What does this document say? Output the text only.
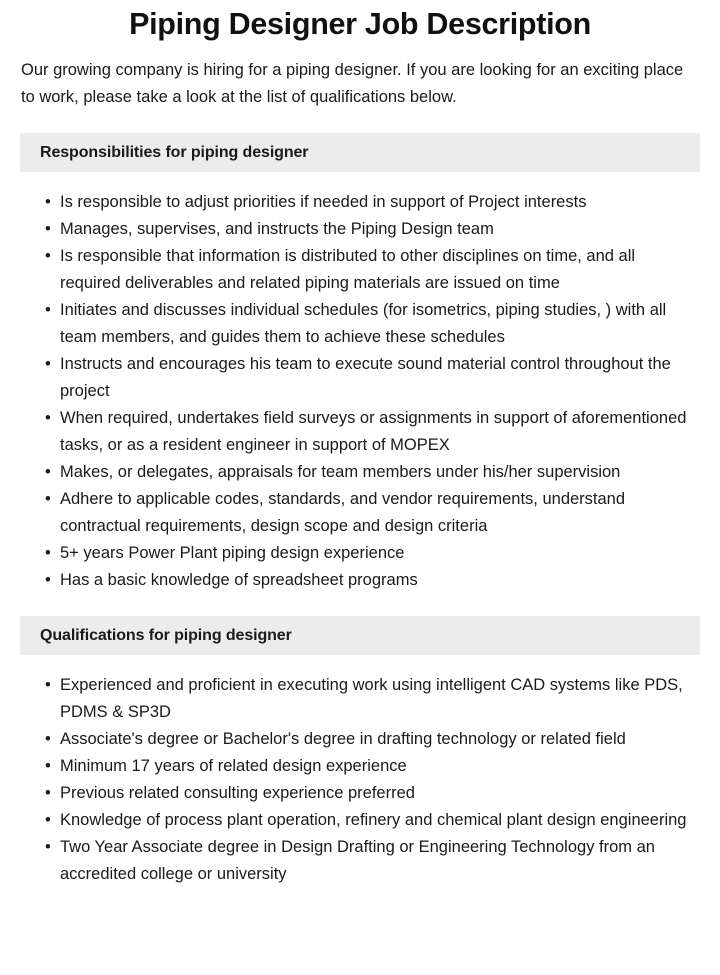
Piping Designer Job Description

Our growing company is hiring for a piping designer. If you are looking for an exciting place to work, please take a look at the list of qualifications below.

Responsibilities for piping designer
• Is responsible to adjust priorities if needed in support of Project interests
• Manages, supervises, and instructs the Piping Design team
• Is responsible that information is distributed to other disciplines on time, and all required deliverables and related piping materials are issued on time
• Initiates and discusses individual schedules (for isometrics, piping studies, ) with all team members, and guides them to achieve these schedules
• Instructs and encourages his team to execute sound material control throughout the project
• When required, undertakes field surveys or assignments in support of aforementioned tasks, or as a resident engineer in support of MOPEX
• Makes, or delegates, appraisals for team members under his/her supervision
• Adhere to applicable codes, standards, and vendor requirements, understand contractual requirements, design scope and design criteria
• 5+ years Power Plant piping design experience
• Has a basic knowledge of spreadsheet programs
Qualifications for piping designer
• Experienced and proficient in executing work using intelligent CAD systems like PDS, PDMS & SP3D
• Associate's degree or Bachelor's degree in drafting technology or related field
• Minimum 17 years of related design experience
• Previous related consulting experience preferred
• Knowledge of process plant operation, refinery and chemical plant design engineering
• Two Year Associate degree in Design Drafting or Engineering Technology from an accredited college or university
